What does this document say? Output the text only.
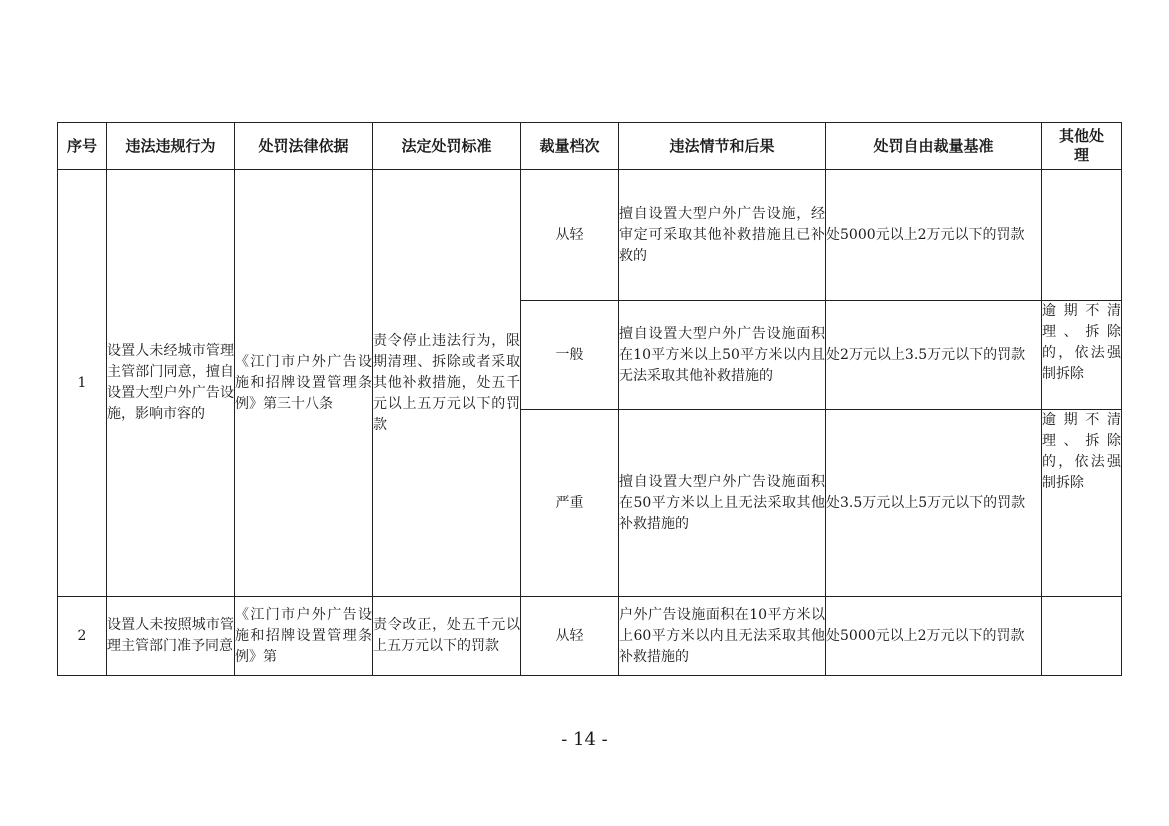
序号	违法违规行为	处罚法律依据	法定处罚标准	裁量档次	违法情节和后果	处罚自由裁量基准	其他处理
1	设置人未经城市管理主管部门同意，擅自设置大型户外广告设施，影响市容的	《江门市户外广告设施和招牌设置管理条例》第三十八条	责令停止违法行为，限期清理、拆除或者采取其他补救措施，处五千元以上五万元以下的罚款	从轻	擅自设置大型户外广告设施，经审定可采取其他补救措施且已补救的	处5000元以上2万元以下的罚款	
				一般	擅自设置大型户外广告设施面积在10平方米以上50平方米以内且无法采取其他补救措施的	处2万元以上3.5万元以下的罚款	逾期不清理、拆除的，依法强制拆除
				严重	擅自设置大型户外广告设施面积在50平方米以上且无法采取其他补救措施的	处3.5万元以上5万元以下的罚款	逾期不清理、拆除的，依法强制拆除
2	设置人未按照城市管理主管部门准予同意	《江门市户外广告设施和招牌设置管理条例》第	责令改正，处五千元以上五万元以下的罚款	从轻	户外广告设施面积在10平方米以上60平方米以内且无法采取其他补救措施的	处5000元以上2万元以下的罚款	
- 14 -
